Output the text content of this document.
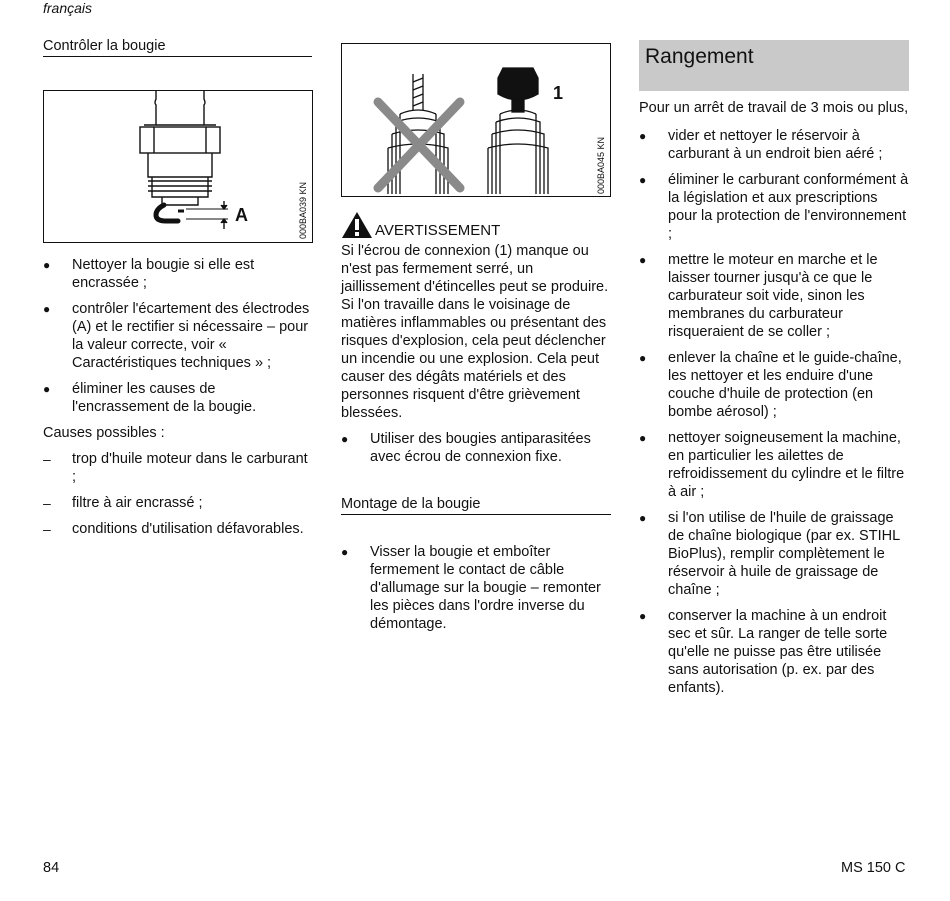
français
Contrôler la bougie
A	000BA039 KN
● Nettoyer la bougie si elle est encrassée ;
● contrôler l'écartement des électrodes (A) et le rectifier si nécessaire – pour la valeur correcte, voir « Caractéristiques techniques » ;
● éliminer les causes de l'encrassement de la bougie.

Causes possibles :

– trop d'huile moteur dans le carburant ;
– filtre à air encrassé ;
– conditions d'utilisation défavorables.
1
000BA045 KN
AVERTISSEMENT

Si l'écrou de connexion (1) manque ou n'est pas fermement serré, un jaillissement d'étincelles peut se produire. Si l'on travaille dans le voisinage de matières inflammables ou présentant des risques d'explosion, cela peut déclencher un incendie ou une explosion. Cela peut causer des dégâts matériels et des personnes risquent d'être grièvement blessées.

● Utiliser des bougies antiparasitées avec écrou de connexion fixe.
Montage de la bougie
● Visser la bougie et emboîter fermement le contact de câble d'allumage sur la bougie – remonter les pièces dans l'ordre inverse du démontage.
Rangement

Pour un arrêt de travail de 3 mois ou plus,

● vider et nettoyer le réservoir à carburant à un endroit bien aéré ;
● éliminer le carburant conformément à la législation et aux prescriptions pour la protection de l'environnement ;
● mettre le moteur en marche et le laisser tourner jusqu'à ce que le carburateur soit vide, sinon les membranes du carburateur risqueraient de se coller ;
● enlever la chaîne et le guide-chaîne, les nettoyer et les enduire d'une couche d'huile de protection (en bombe aérosol) ;
● nettoyer soigneusement la machine, en particulier les ailettes de refroidissement du cylindre et le filtre à air ;
● si l'on utilise de l'huile de graissage de chaîne biologique (par ex. STIHL BioPlus), remplir complètement le réservoir à huile de graissage de chaîne ;
● conserver la machine à un endroit sec et sûr. La ranger de telle sorte qu'elle ne puisse pas être utilisée sans autorisation (p. ex. par des enfants).
84	MS 150 C
